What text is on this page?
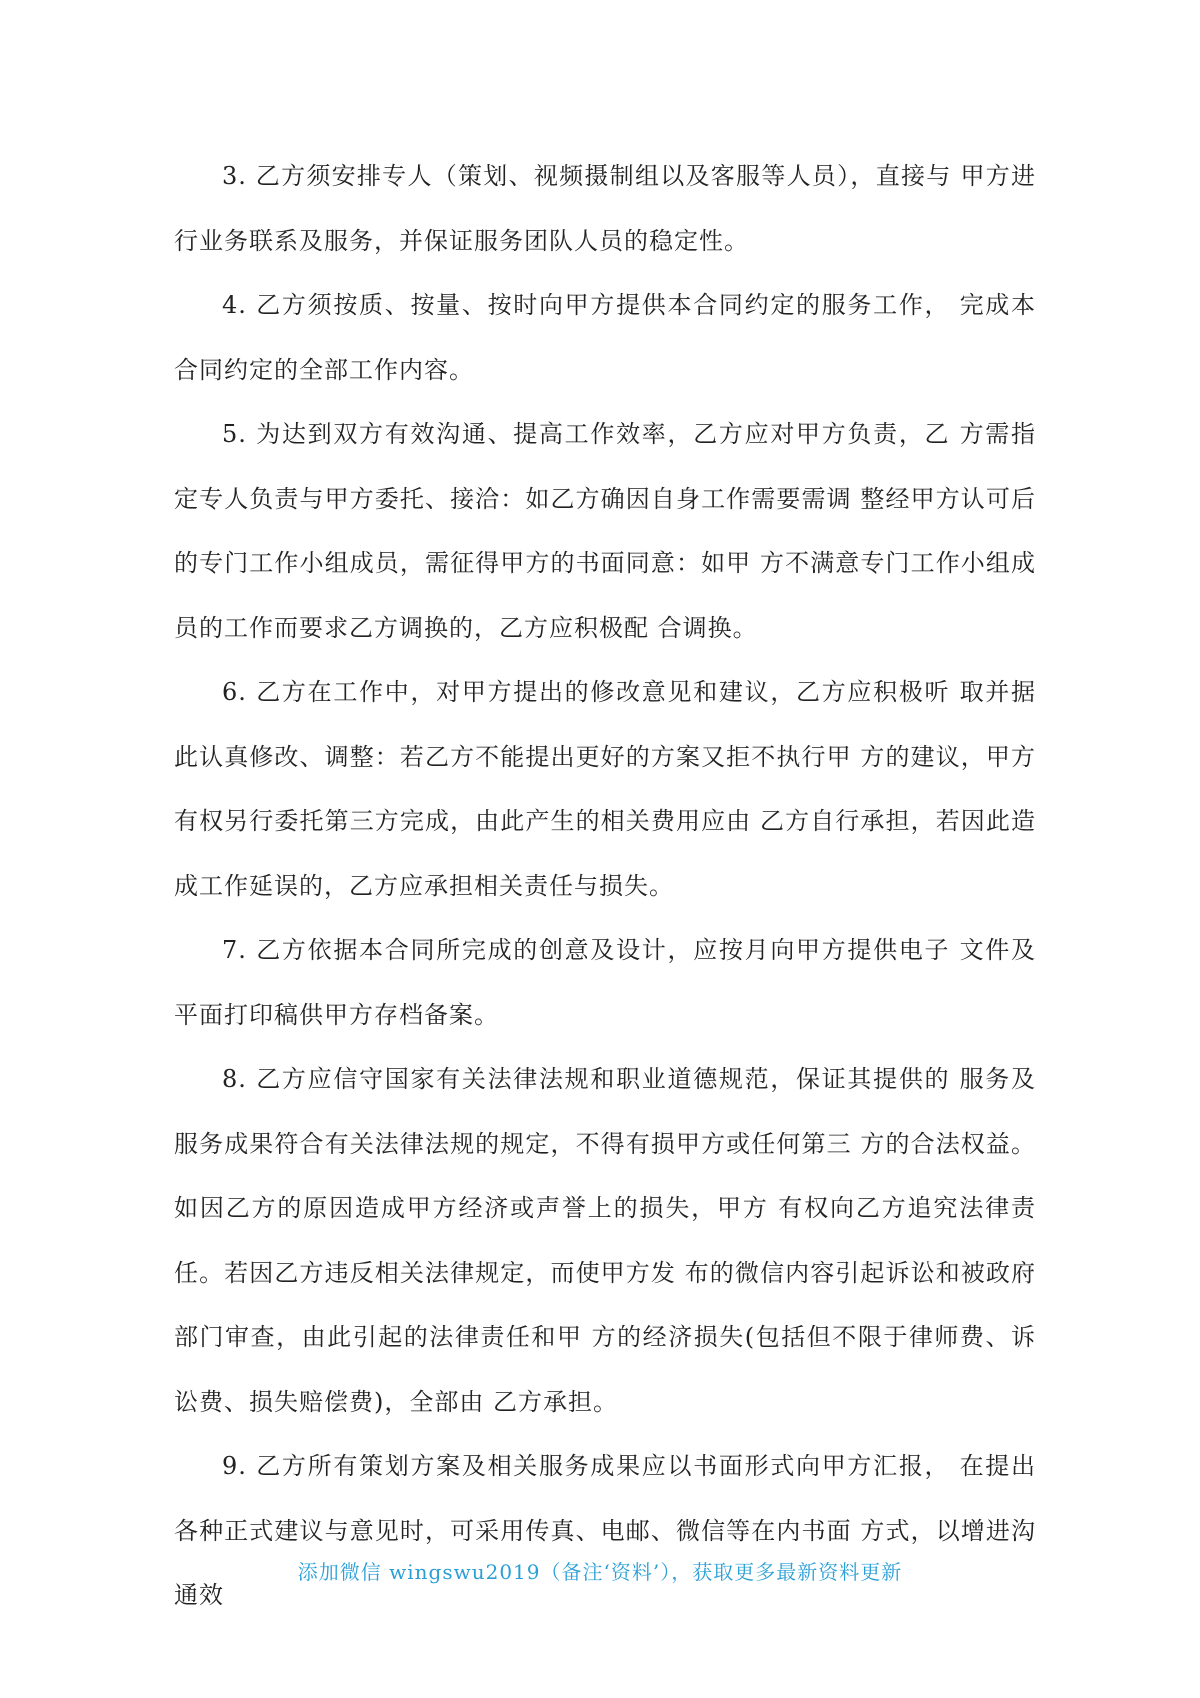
3. 乙方须安排专人（策划、视频摄制组以及客服等人员），直接与 甲方进行业务联系及服务，并保证服务团队人员的稳定性。

4. 乙方须按质、按量、按时向甲方提供本合同约定的服务工作， 完成本合同约定的全部工作内容。

5. 为达到双方有效沟通、提高工作效率，乙方应对甲方负责，乙 方需指定专人负责与甲方委托、接洽：如乙方确因自身工作需要需调 整经甲方认可后的专门工作小组成员，需征得甲方的书面同意：如甲 方不满意专门工作小组成员的工作而要求乙方调换的，乙方应积极配 合调换。

6. 乙方在工作中，对甲方提出的修改意见和建议，乙方应积极听 取并据此认真修改、调整：若乙方不能提出更好的方案又拒不执行甲 方的建议，甲方有权另行委托第三方完成，由此产生的相关费用应由 乙方自行承担，若因此造成工作延误的，乙方应承担相关责任与损失。

7. 乙方依据本合同所完成的创意及设计，应按月向甲方提供电子 文件及平面打印稿供甲方存档备案。

8. 乙方应信守国家有关法律法规和职业道德规范，保证其提供的 服务及服务成果符合有关法律法规的规定，不得有损甲方或任何第三 方的合法权益。如因乙方的原因造成甲方经济或声誉上的损失，甲方 有权向乙方追究法律责任。若因乙方违反相关法律规定，而使甲方发 布的微信内容引起诉讼和被政府部门审查，由此引起的法律责任和甲 方的经济损失(包括但不限于律师费、诉讼费、损失赔偿费)，全部由 乙方承担。

9. 乙方所有策划方案及相关服务成果应以书面形式向甲方汇报， 在提出各种正式建议与意见时，可采用传真、电邮、微信等在内书面 方式，以增进沟通效

添加微信 wingswu2019（备注‘资料’），获取更多最新资料更新
